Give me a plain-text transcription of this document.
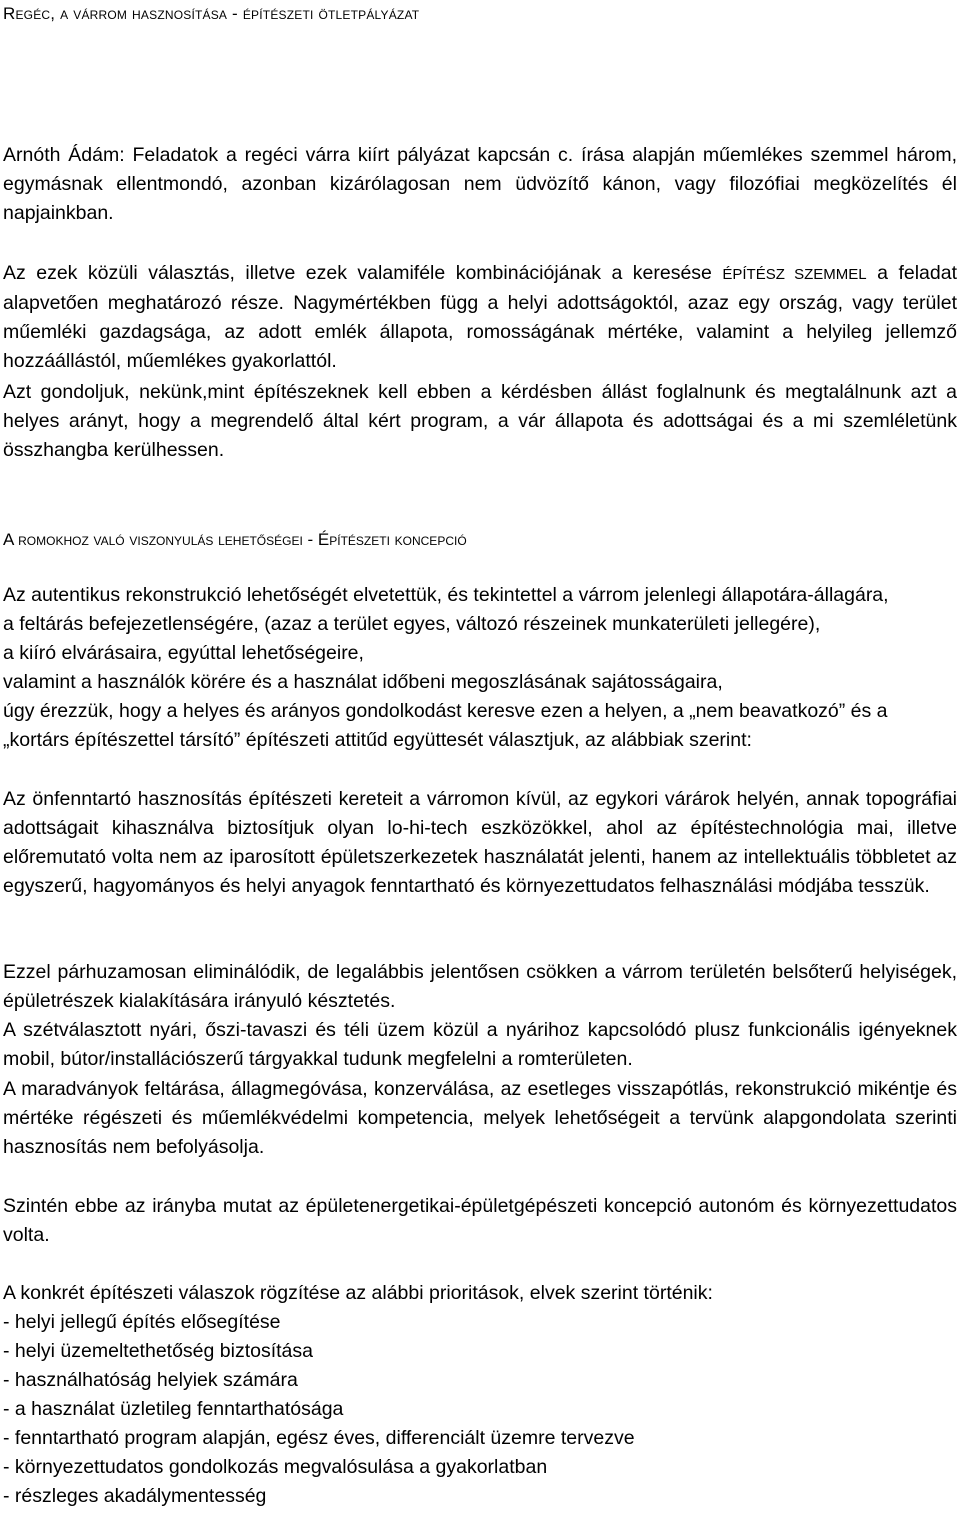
Regéc, a várrom hasznosítása - építészeti ötletpályázat

Arnóth Ádám: Feladatok a regéci várra kiírt pályázat kapcsán c. írása alapján műemlékes szemmel három, egymásnak ellentmondó, azonban kizárólagosan nem üdvözítő kánon, vagy filozófiai megközelítés él napjainkban.

Az ezek közüli választás, illetve ezek valamiféle kombinációjának a keresése ÉPÍTÉSZ SZEMMEL a feladat alapvetően meghatározó része. Nagymértékben függ a helyi adottságoktól, azaz egy ország, vagy terület műemléki gazdagsága, az adott emlék állapota, romosságának mértéke, valamint a helyileg jellemző hozzáállástól, műemlékes gyakorlattól.

Azt gondoljuk, nekünk,mint építészeknek kell ebben a kérdésben állást foglalnunk és megtalálnunk azt a helyes arányt, hogy a megrendelő által kért program, a vár állapota és adottságai és a mi szemléletünk összhangba kerülhessen.

A romokhoz való viszonyulás lehetőségei - Építészeti koncepció

Az autentikus rekonstrukció lehetőségét elvetettük, és tekintettel a várrom jelenlegi állapotára-állagára,

a feltárás befejezetlenségére, (azaz a terület egyes, változó részeinek munkaterületi jellegére),

a kiíró elvárásaira, egyúttal lehetőségeire,

valamint a használók körére és a használat időbeni megoszlásának sajátosságaira,

úgy érezzük, hogy a helyes és arányos gondolkodást keresve ezen a helyen, a „nem beavatkozó” és a

„kortárs építészettel társító” építészeti attitűd együttesét választjuk, az alábbiak szerint:

Az önfenntartó hasznosítás építészeti kereteit a várromon kívül, az egykori várárok helyén, annak topográfiai adottságait kihasználva biztosítjuk olyan lo-hi-tech eszközökkel, ahol az építéstechnológia mai, illetve előremutató volta nem az iparosított épületszerkezetek használatát jelenti, hanem az intellektuális többletet az egyszerű, hagyományos és helyi anyagok fenntartható és környezettudatos felhasználási módjába tesszük.

Ezzel párhuzamosan eliminálódik, de legalábbis jelentősen csökken a várrom területén belsőterű helyiségek, épületrészek kialakítására irányuló késztetés.

A szétválasztott nyári, őszi-tavaszi és téli üzem közül a nyárihoz kapcsolódó plusz funkcionális igényeknek mobil, bútor/installációszerű tárgyakkal tudunk megfelelni a romterületen.

A maradványok feltárása, állagmegóvása, konzerválása, az esetleges visszapótlás, rekonstrukció mikéntje és mértéke régészeti és műemlékvédelmi kompetencia, melyek lehetőségeit a tervünk alapgondolata szerinti hasznosítás nem befolyásolja.

Szintén ebbe az irányba mutat az épületenergetikai-épületgépészeti koncepció autonóm és környezettudatos volta.

A konkrét építészeti válaszok rögzítése az alábbi prioritások, elvek szerint történik:

- helyi jellegű építés elősegítése
- helyi üzemeltethetőség biztosítása
- használhatóság helyiek számára
- a használat üzletileg fenntarthatósága
- fenntartható program alapján, egész éves, differenciált üzemre tervezve
- környezettudatos gondolkozás megvalósulása a gyakorlatban
- részleges akadálymentesség
